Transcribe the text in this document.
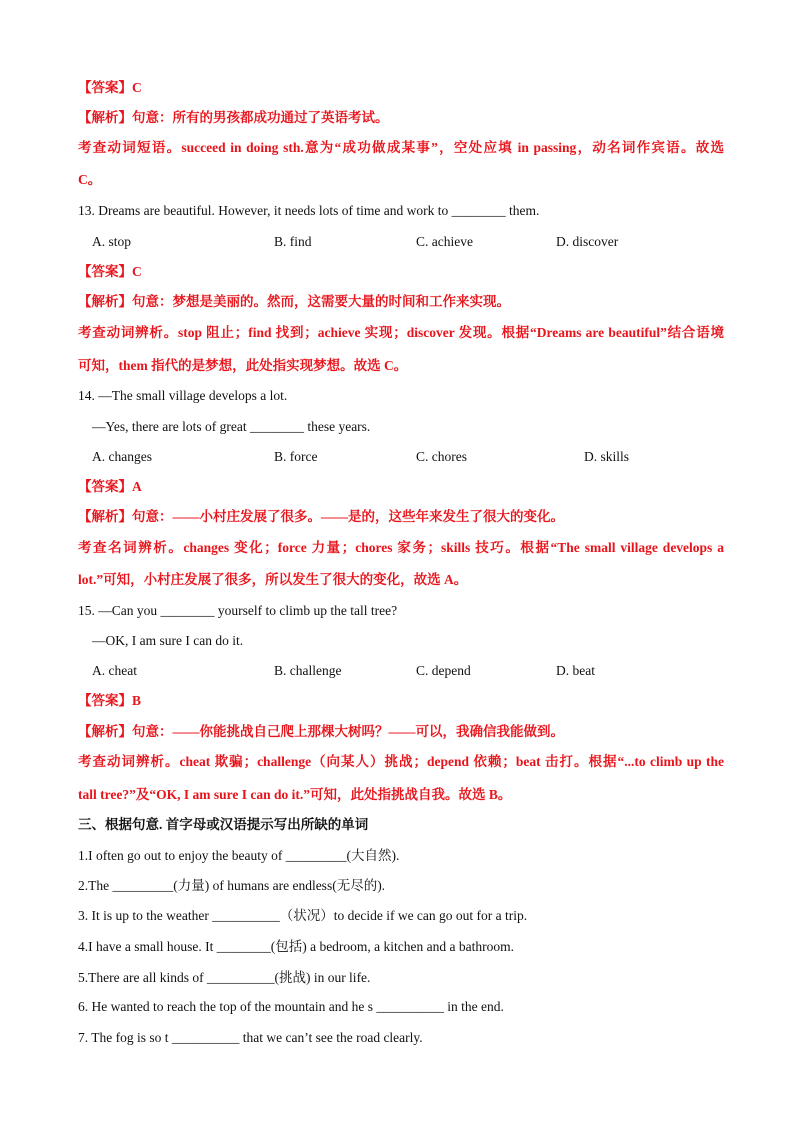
【答案】C
【解析】句意：所有的男孩都成功通过了英语考试。
考查动词短语。succeed in doing sth.意为“成功做成某事”，空处应填 in passing，动名词作宾语。故选
C。
13. Dreams are beautiful. However, it needs lots of time and work to ________ them.
A. stop	B. find	C. achieve	D. discover
【答案】C
【解析】句意：梦想是美丽的。然而，这需要大量的时间和工作来实现。
考查动词辨析。stop 阻止；find 找到；achieve 实现；discover 发现。根据“Dreams are beautiful”结合语境
可知，them 指代的是梦想，此处指实现梦想。故选 C。
14. —The small village develops a lot.
—Yes, there are lots of great ________ these years.
A. changes	B. force	C. chores	D. skills
【答案】A
【解析】句意：——小村庄发展了很多。——是的，这些年来发生了很大的变化。
考查名词辨析。changes 变化；force 力量；chores 家务；skills 技巧。根据“The small village develops a
lot.”可知，小村庄发展了很多，所以发生了很大的变化，故选 A。
15. —Can you ________ yourself to climb up the tall tree?
—OK, I am sure I can do it.
A. cheat	B. challenge	C. depend	D. beat
【答案】B
【解析】句意：——你能挑战自己爬上那棵大树吗？——可以，我确信我能做到。
考查动词辨析。cheat 欺骗；challenge（向某人）挑战；depend 依赖；beat 击打。根据“...to climb up the
tall tree?”及“OK, I am sure I can do it.”可知，此处指挑战自我。故选 B。
三、根据句意. 首字母或汉语提示写出所缺的单词
1.I often go out to enjoy the beauty of _________(大自然).
2.The _________(力量) of humans are endless(无尽的).
3. It is up to the weather __________（状况）to decide if we can go out for a trip.
4.I have a small house. It ________(包括) a bedroom, a kitchen and a bathroom.
5.There are all kinds of __________(挑战) in our life.
6. He wanted to reach the top of the mountain and he s __________ in the end.
7. The fog is so t __________ that we can’t see the road clearly.
